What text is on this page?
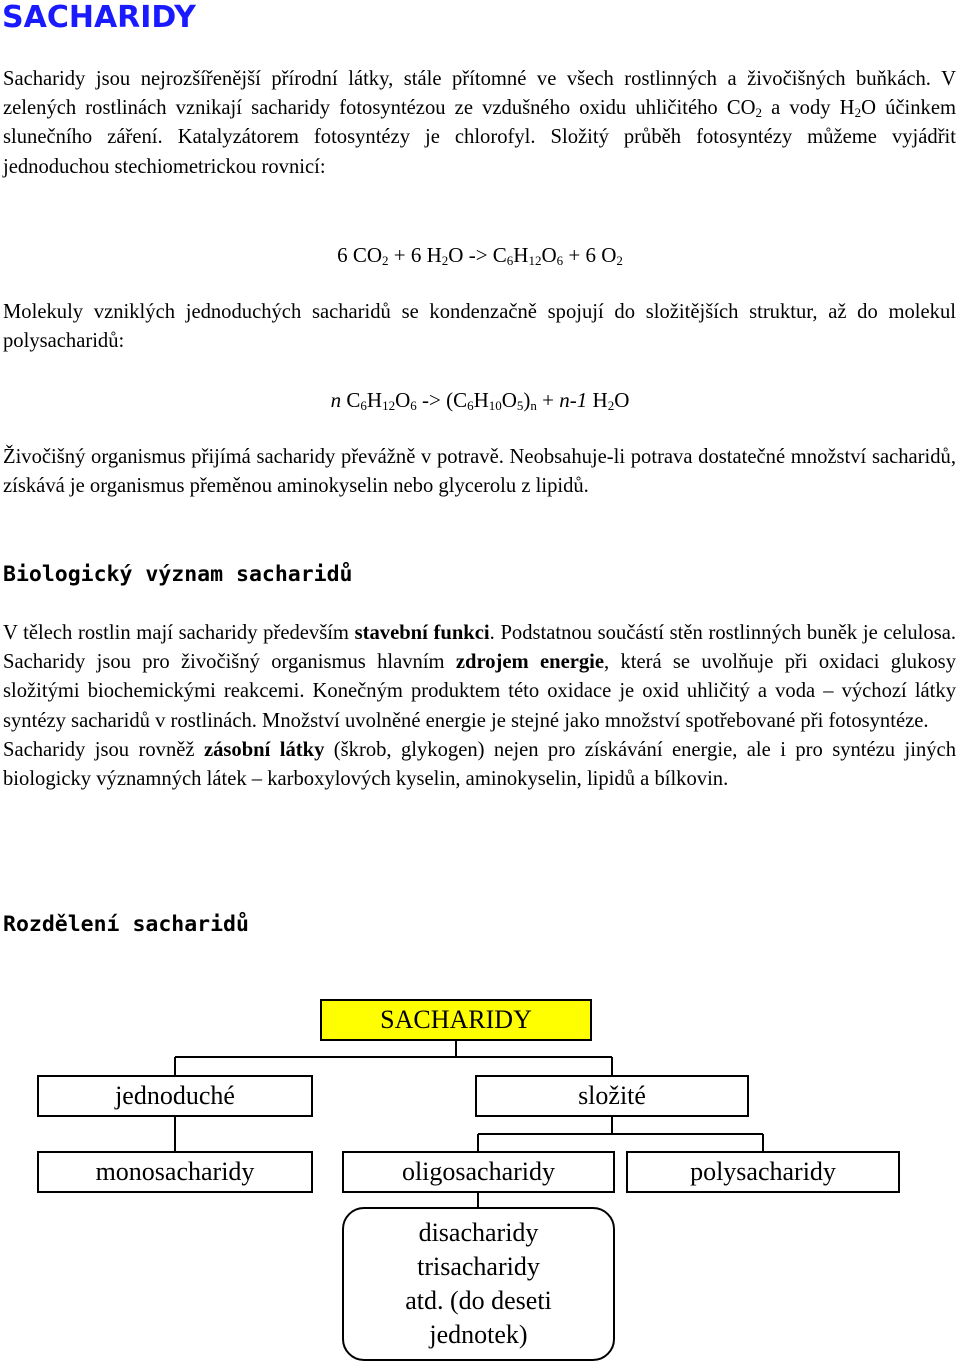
SACHARIDY

Sacharidy jsou nejrozšířenější přírodní látky, stále přítomné ve všech rostlinných a živočišných buňkách. V zelených rostlinách vznikají sacharidy fotosyntézou ze vzdušného oxidu uhličitého $CO_2$ a vody $H_2O$ účinkem slunečního záření. Katalyzátorem fotosyntézy je chlorofyl. Složitý průběh fotosyntézy můžeme vyjádřit jednoduchou stechiometrickou rovnicí:

6 $CO_2 + 6$ $H_2O -> C_6H_{12}O_6 + 6$ $O_2$

Molekuly vzniklých jednoduchých sacharidů se kondenzačně spojují do složitějších struktur, až do molekul polysacharidů:

n $C_6H_{12}O_6 -> (C_6H_{10}O_5)_n + n-1$ $H_2O$

Živočišný organismus přijímá sacharidy převážně v potravě. Neobsahuje-li potrava dostatečné množství sacharidů, získává je organismus přeměnou aminokyselin nebo glycerolu z lipidů.

Biologický význam sacharidů

V tělech rostlin mají sacharidy především stavební funkci. Podstatnou součástí stěn rostlinných buněk je celulosa. Sacharidy jsou pro živočišný organismus hlavním zdrojem energie, která se uvolňuje při oxidaci glukosy složitými biochemickými reakcemi. Konečným produktem této oxidace je oxid uhličitý a voda – výchozí látky syntézy sacharidů v rostlinách. Množství uvolněné energie je stejné jako množství spotřebované při fotosyntéze.
Sacharidy jsou rovněž zásobní látky (škrob, glykogen) nejen pro získávání energie, ale i pro syntézu jiných biologicky významných látek – karboxylových kyselin, aminokyselin, lipidů a bílkovin.

Rozdělení sacharidů
SACHARIDY
jednoduché	složité
monosacharidy	oligosacharidy	polysacharidy
disacharidy
trisacharidy
atd. (do deseti
jednotek)
